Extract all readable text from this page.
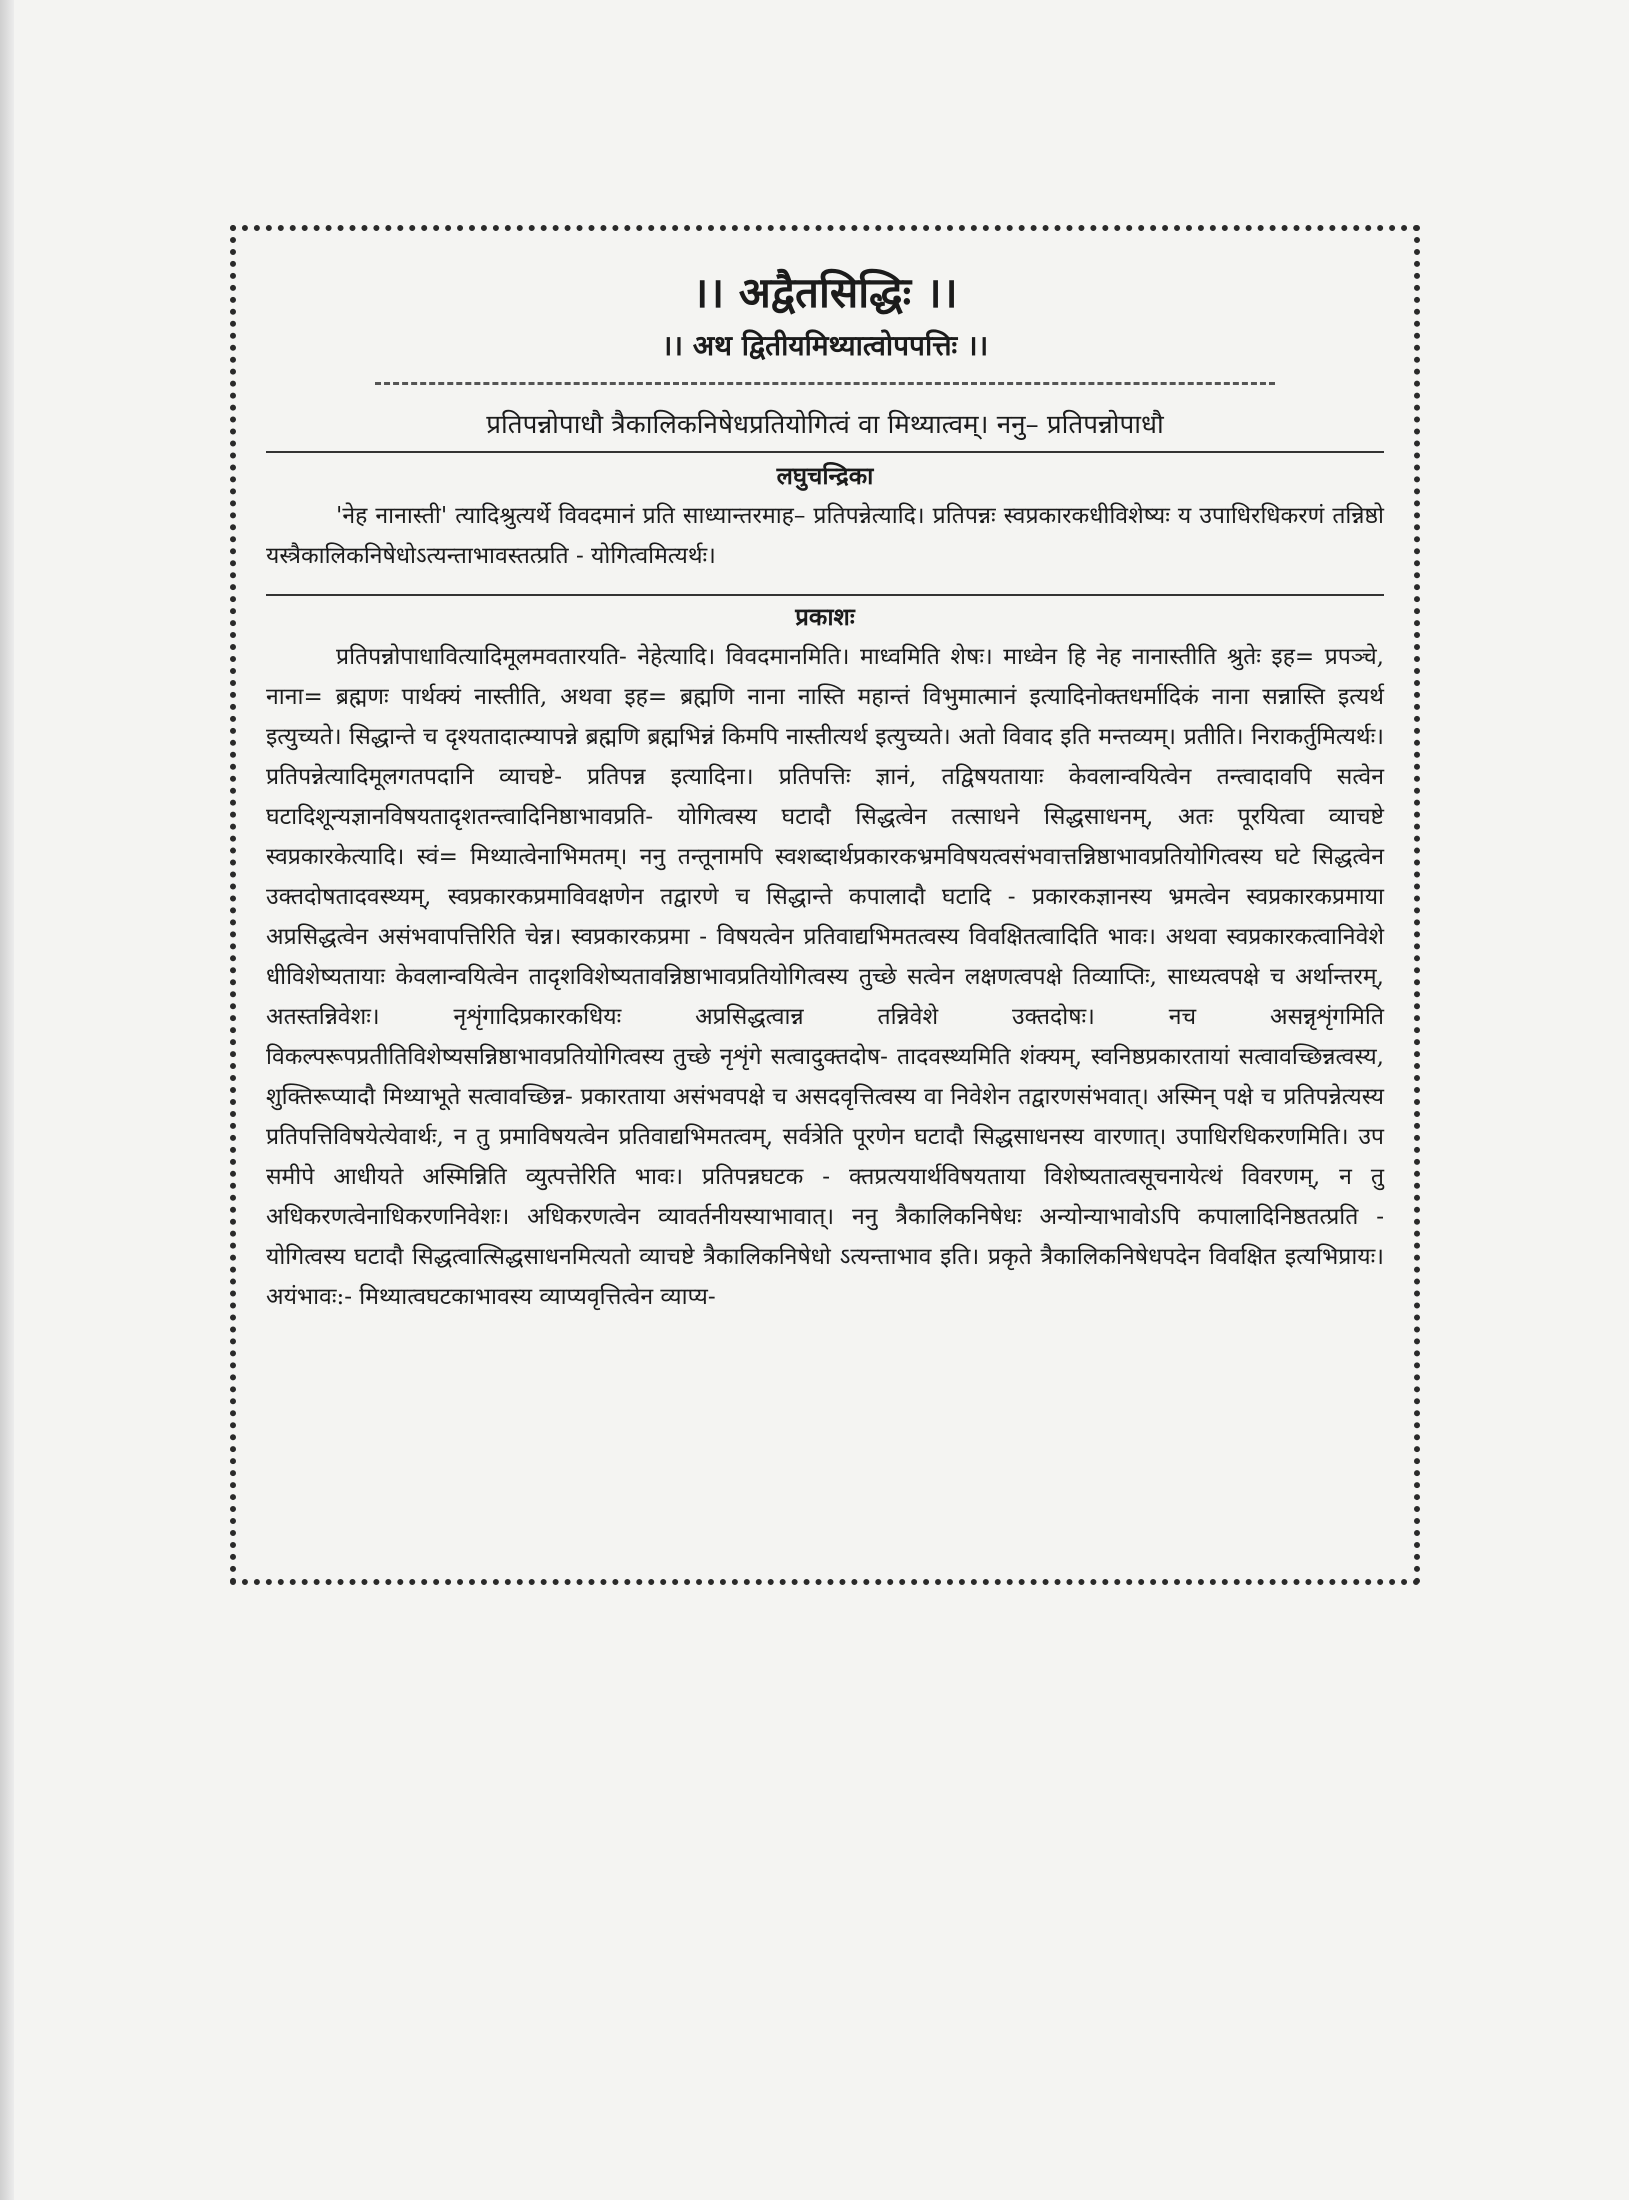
।। अद्वैतसिद्धिः ।।
।। अथ द्वितीयमिथ्यात्वोपपत्तिः ।।
प्रतिपन्नोपाधौ त्रैकालिकनिषेधप्रतियोगित्वं वा मिथ्यात्वम्। ननु– प्रतिपन्नोपाधौ
लघुचन्द्रिका

'नेह नानास्ती' त्यादिश्रुत्यर्थे विवदमानं प्रति साध्यान्तरमाह– प्रतिपन्नेत्यादि। प्रतिपन्नः स्वप्रकारकधीविशेष्यः य उपाधिरधिकरणं तन्निष्ठो यस्त्रैकालिकनिषेधोऽत्यन्ताभावस्तत्प्रति - योगित्वमित्यर्थः।

प्रकाशः

प्रतिपन्नोपाधावित्यादिमूलमवतारयति- नेहेत्यादि। विवदमानमिति। माध्वमिति शेषः। माध्वेन हि नेह नानास्तीति श्रुतेः इह= प्रपञ्चे, नाना= ब्रह्मणः पार्थक्यं नास्तीति, अथवा इह= ब्रह्मणि नाना नास्ति महान्तं विभुमात्मानं इत्यादिनोक्तधर्मादिकं नाना सन्नास्ति इत्यर्थ इत्युच्यते। सिद्धान्ते च दृश्यतादात्म्यापन्ने ब्रह्मणि ब्रह्मभिन्नं किमपि नास्तीत्यर्थ इत्युच्यते। अतो विवाद इति मन्तव्यम्। प्रतीति। निराकर्तुमित्यर्थः। प्रतिपन्नेत्यादिमूलगतपदानि व्याचष्टे- प्रतिपन्न इत्यादिना। प्रतिपत्तिः ज्ञानं, तद्विषयतायाः केवलान्वयित्वेन तन्त्वादावपि सत्वेन घटादिशून्यज्ञानविषयतादृशतन्त्वादिनिष्ठाभावप्रति- योगित्वस्य घटादौ सिद्धत्वेन तत्साधने सिद्धसाधनम्, अतः पूरयित्वा व्याचष्टे स्वप्रकारकेत्यादि। स्वं= मिथ्यात्वेनाभिमतम्। ननु तन्तूनामपि स्वशब्दार्थप्रकारकभ्रमविषयत्वसंभवात्तन्निष्ठाभावप्रतियोगित्वस्य घटे सिद्धत्वेन उक्तदोषतादवस्थ्यम्, स्वप्रकारकप्रमाविवक्षणेन तद्वारणे च सिद्धान्ते कपालादौ घटादि - प्रकारकज्ञानस्य भ्रमत्वेन स्वप्रकारकप्रमाया अप्रसिद्धत्वेन असंभवापत्तिरिति चेन्न। स्वप्रकारकप्रमा - विषयत्वेन प्रतिवाद्यभिमतत्वस्य विवक्षितत्वादिति भावः। अथवा स्वप्रकारकत्वानिवेशे धीविशेष्यतायाः केवलान्वयित्वेन तादृशविशेष्यतावन्निष्ठाभावप्रतियोगित्वस्य तुच्छे सत्वेन लक्षणत्वपक्षे तिव्याप्तिः, साध्यत्वपक्षे च अर्थान्तरम्, अतस्तन्निवेशः। नृशृंगादिप्रकारकधियः अप्रसिद्धत्वान्न तन्निवेशे उक्तदोषः। नच असन्नृशृंगमिति विकल्परूपप्रतीतिविशेष्यसन्निष्ठाभावप्रतियोगित्वस्य तुच्छे नृशृंगे सत्वादुक्तदोष- तादवस्थ्यमिति शंक्यम्, स्वनिष्ठप्रकारतायां सत्वावच्छिन्नत्वस्य, शुक्तिरूप्यादौ मिथ्याभूते सत्वावच्छिन्न- प्रकारताया असंभवपक्षे च असदवृत्तित्वस्य वा निवेशेन तद्वारणसंभवात्। अस्मिन् पक्षे च प्रतिपन्नेत्यस्य प्रतिपत्तिविषयेत्येवार्थः, न तु प्रमाविषयत्वेन प्रतिवाद्यभिमतत्वम्, सर्वत्रेति पूरणेन घटादौ सिद्धसाधनस्य वारणात्। उपाधिरधिकरणमिति। उप समीपे आधीयते अस्मिन्निति व्युत्पत्तेरिति भावः। प्रतिपन्नघटक - क्तप्रत्ययार्थविषयताया विशेष्यतात्वसूचनायेत्थं विवरणम्, न तु अधिकरणत्वेनाधिकरणनिवेशः। अधिकरणत्वेन व्यावर्तनीयस्याभावात्। ननु त्रैकालिकनिषेधः अन्योन्याभावोऽपि कपालादिनिष्ठतत्प्रति - योगित्वस्य घटादौ सिद्धत्वात्सिद्धसाधनमित्यतो व्याचष्टे त्रैकालिकनिषेधो ऽत्यन्ताभाव इति। प्रकृते त्रैकालिकनिषेधपदेन विवक्षित इत्यभिप्रायः। अयंभावः:- मिथ्यात्वघटकाभावस्य व्याप्यवृत्तित्वेन व्याप्य-
